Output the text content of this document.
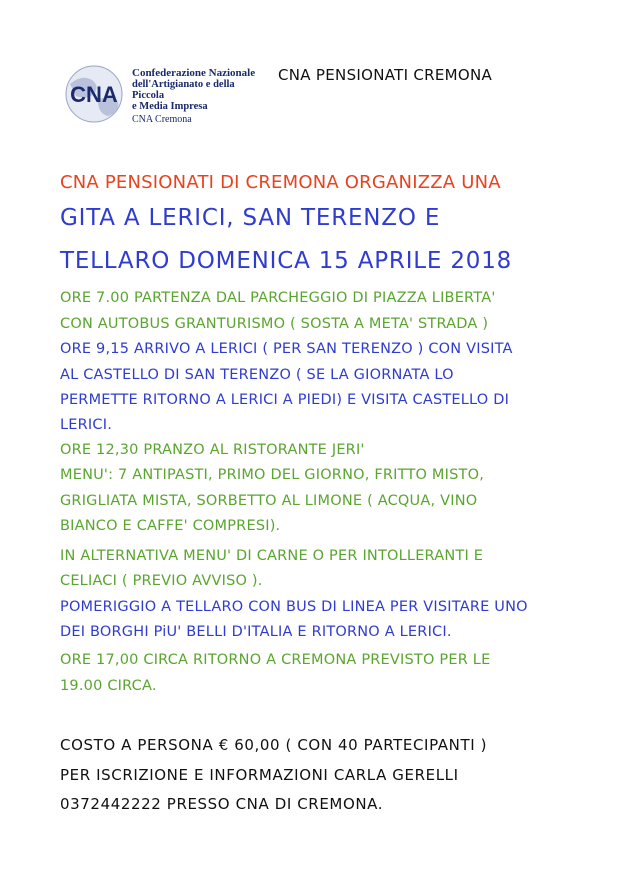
CNA
Confederazione Nazionale
dell'Artigianato e della Piccola
e Media Impresa
CNA Cremona
CNA PENSIONATI CREMONA
CNA PENSIONATI DI CREMONA ORGANIZZA UNA
GITA A LERICI, SAN TERENZO E
TELLARO DOMENICA 15 APRILE 2018
ORE 7.00 PARTENZA DAL PARCHEGGIO DI PIAZZA LIBERTA'
CON AUTOBUS GRANTURISMO ( SOSTA A META' STRADA )
ORE 9,15 ARRIVO A LERICI ( PER SAN TERENZO ) CON VISITA
AL CASTELLO DI SAN TERENZO ( SE LA GIORNATA LO
PERMETTE RITORNO A LERICI A PIEDI) E VISITA CASTELLO DI
LERICI.
ORE 12,30 PRANZO AL RISTORANTE JERI'
MENU': 7 ANTIPASTI, PRIMO DEL GIORNO, FRITTO MISTO,
GRIGLIATA MISTA, SORBETTO AL LIMONE ( ACQUA, VINO
BIANCO E CAFFE' COMPRESI).
IN ALTERNATIVA MENU' DI CARNE O PER INTOLLERANTI E
CELIACI ( PREVIO AVVISO ).
POMERIGGIO A TELLARO CON BUS DI LINEA PER VISITARE UNO
DEI BORGHI PiU' BELLI D'ITALIA E RITORNO A LERICI.
ORE 17,00 CIRCA RITORNO A CREMONA PREVISTO PER LE
19.00 CIRCA.
COSTO A PERSONA € 60,00 ( CON 40 PARTECIPANTI )
PER ISCRIZIONE E INFORMAZIONI CARLA GERELLI
0372442222 PRESSO CNA DI CREMONA.
